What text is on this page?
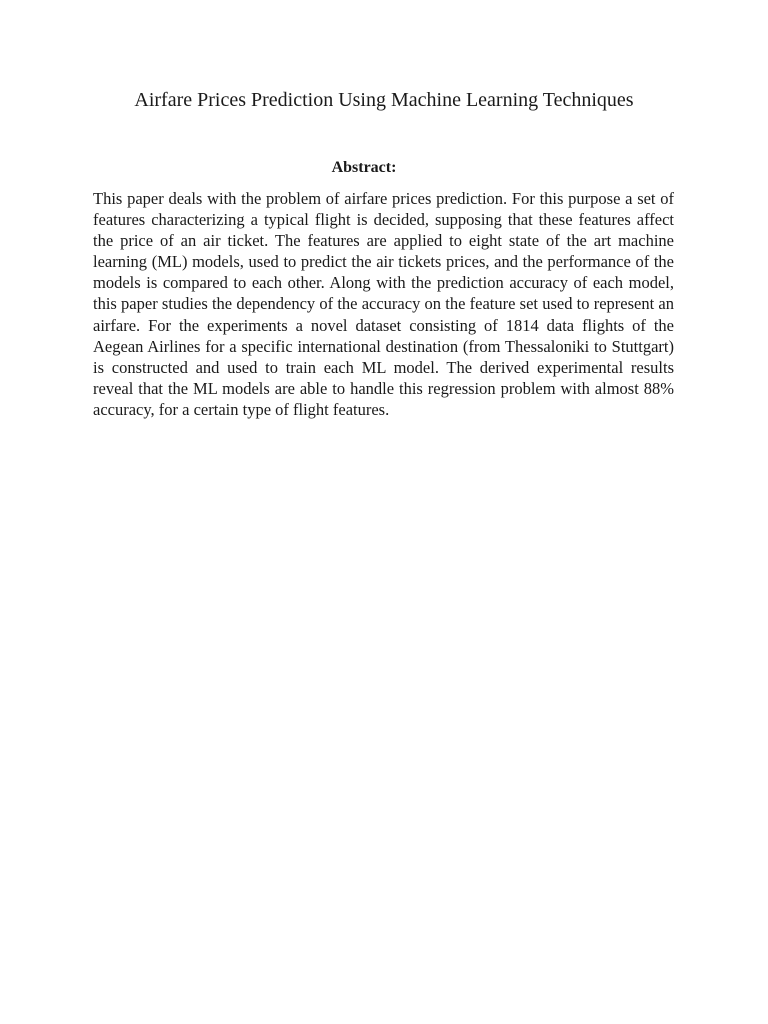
Airfare Prices Prediction Using Machine Learning Techniques
Abstract:

This paper deals with the problem of airfare prices prediction. For this purpose a set of features characterizing a typical flight is decided, supposing that these features affect the price of an air ticket. The features are applied to eight state of the art machine learning (ML) models, used to predict the air tickets prices, and the performance of the models is compared to each other. Along with the prediction accuracy of each model, this paper studies the dependency of the accuracy on the feature set used to represent an airfare. For the experiments a novel dataset consisting of 1814 data flights of the Aegean Airlines for a specific international destination (from Thessaloniki to Stuttgart) is constructed and used to train each ML model. The derived experimental results reveal that the ML models are able to handle this regression problem with almost 88% accuracy, for a certain type of flight features.
